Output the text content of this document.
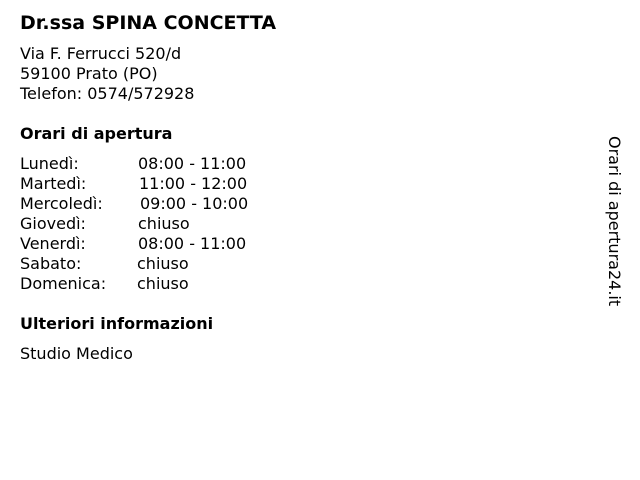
Dr.ssa SPINA CONCETTA
Via F. Ferrucci 520/d
59100 Prato (PO)
Telefon: 0574/572928
Orari di apertura
Lunedì:	08:00 - 11:00
Martedì:	11:00 - 12:00
Mercoledì: 09:00 - 10:00
Giovedì:	chiuso
Venerdì:	08:00 - 11:00
Sabato:	chiuso
Domenica: chiuso
Ulteriori informazioni
Studio Medico
Orari di apertura24.it
